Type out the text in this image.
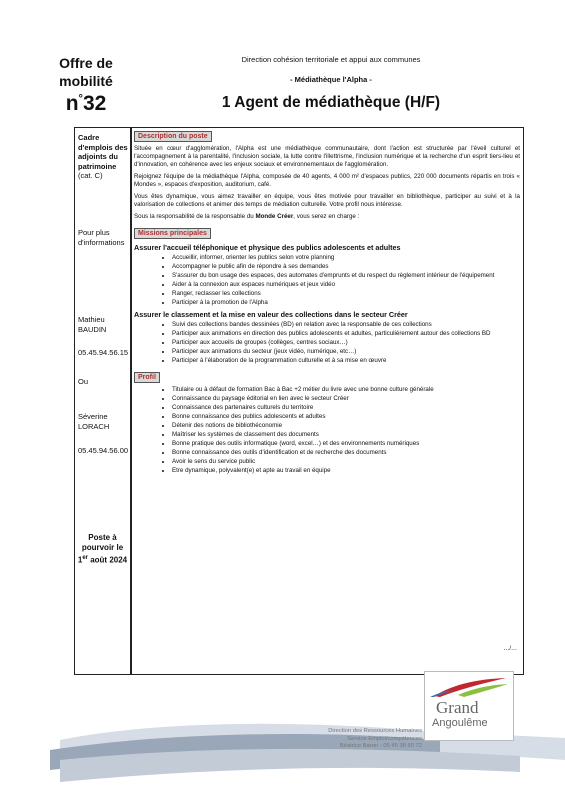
Offre de
mobilité
n°32
Direction cohésion territoriale et appui aux communes
- Médiathèque l'Alpha -
1 Agent de médiathèque (H/F)
Cadre
d'emplois des
adjoints du
patrimoine
(cat. C)
Pour plus
d'informations
Mathieu
BAUDIN
05.45.94.56.15
Ou
Séverine
LORACH
05.45.94.56.00
Poste à
pourvoir le
1er août 2024
Description du poste

Située en cœur d'agglomération, l'Alpha est une médiathèque communautaire, dont l'action est structurée par l'éveil culturel et l'accompagnement à la parentalité, l'inclusion sociale, la lutte contre l'illettrisme, l'inclusion numérique et la recherche d'un esprit tiers-lieu et d'innovation, en cohérence avec les enjeux sociaux et environnementaux de l'agglomération.

Rejoignez l'équipe de la médiathèque l'Alpha, composée de 40 agents, 4 000 m² d'espaces publics, 220 000 documents répartis en trois « Mondes », espaces d'exposition, auditorium, café.

Vous êtes dynamique, vous aimez travailler en équipe, vous êtes motivée pour travailler en bibliothèque, participer au suivi et à la valorisation de collections et animer des temps de médiation culturelle. Votre profil nous intéresse.

Sous la responsabilité de la responsable du Monde Créer, vous serez en charge :

Missions principales
Assurer l'accueil téléphonique et physique des publics adolescents et adultes
• Accueillir, informer, orienter les publics selon votre planning
• Accompagner le public afin de répondre à ses demandes
• S'assurer du bon usage des espaces, des automates d'emprunts et du respect du règlement intérieur de l'équipement
• Aider à la connexion aux espaces numériques et jeux vidéo
• Ranger, reclasser les collections
• Participer à la promotion de l'Alpha
Assurer le classement et la mise en valeur des collections dans le secteur Créer
• Suivi des collections bandes dessinées (BD) en relation avec la responsable de ces collections
• Participer aux animations en direction des publics adolescents et adultes, particulièrement autour des collections BD
• Participer aux accueils de groupes (collèges, centres sociaux…)
• Participer aux animations du secteur (jeux vidéo, numérique, etc…)
• Participer à l'élaboration de la programmation culturelle et à sa mise en œuvre
Profil
• Titulaire ou à défaut de formation Bac à Bac +2 métier du livre avec une bonne culture générale
• Connaissance du paysage éditorial en lien avec le secteur Créer
• Connaissance des partenaires culturels du territoire
• Bonne connaissance des publics adolescents et adultes
• Détenir des notions de bibliothéconomie
• Maîtriser les systèmes de classement des documents
• Bonne pratique des outils informatique (word, excel…) et des environnements numériques
• Bonne connaissance des outils d'identification et de recherche des documents
• Avoir le sens du service public
• Etre dynamique, polyvalent(e) et apte au travail en équipe
…/…
Direction des Ressources Humaines
Service Emploi/compétences
Béatrice Baron - 05 45 38 60 72
Grand
Angoulême
